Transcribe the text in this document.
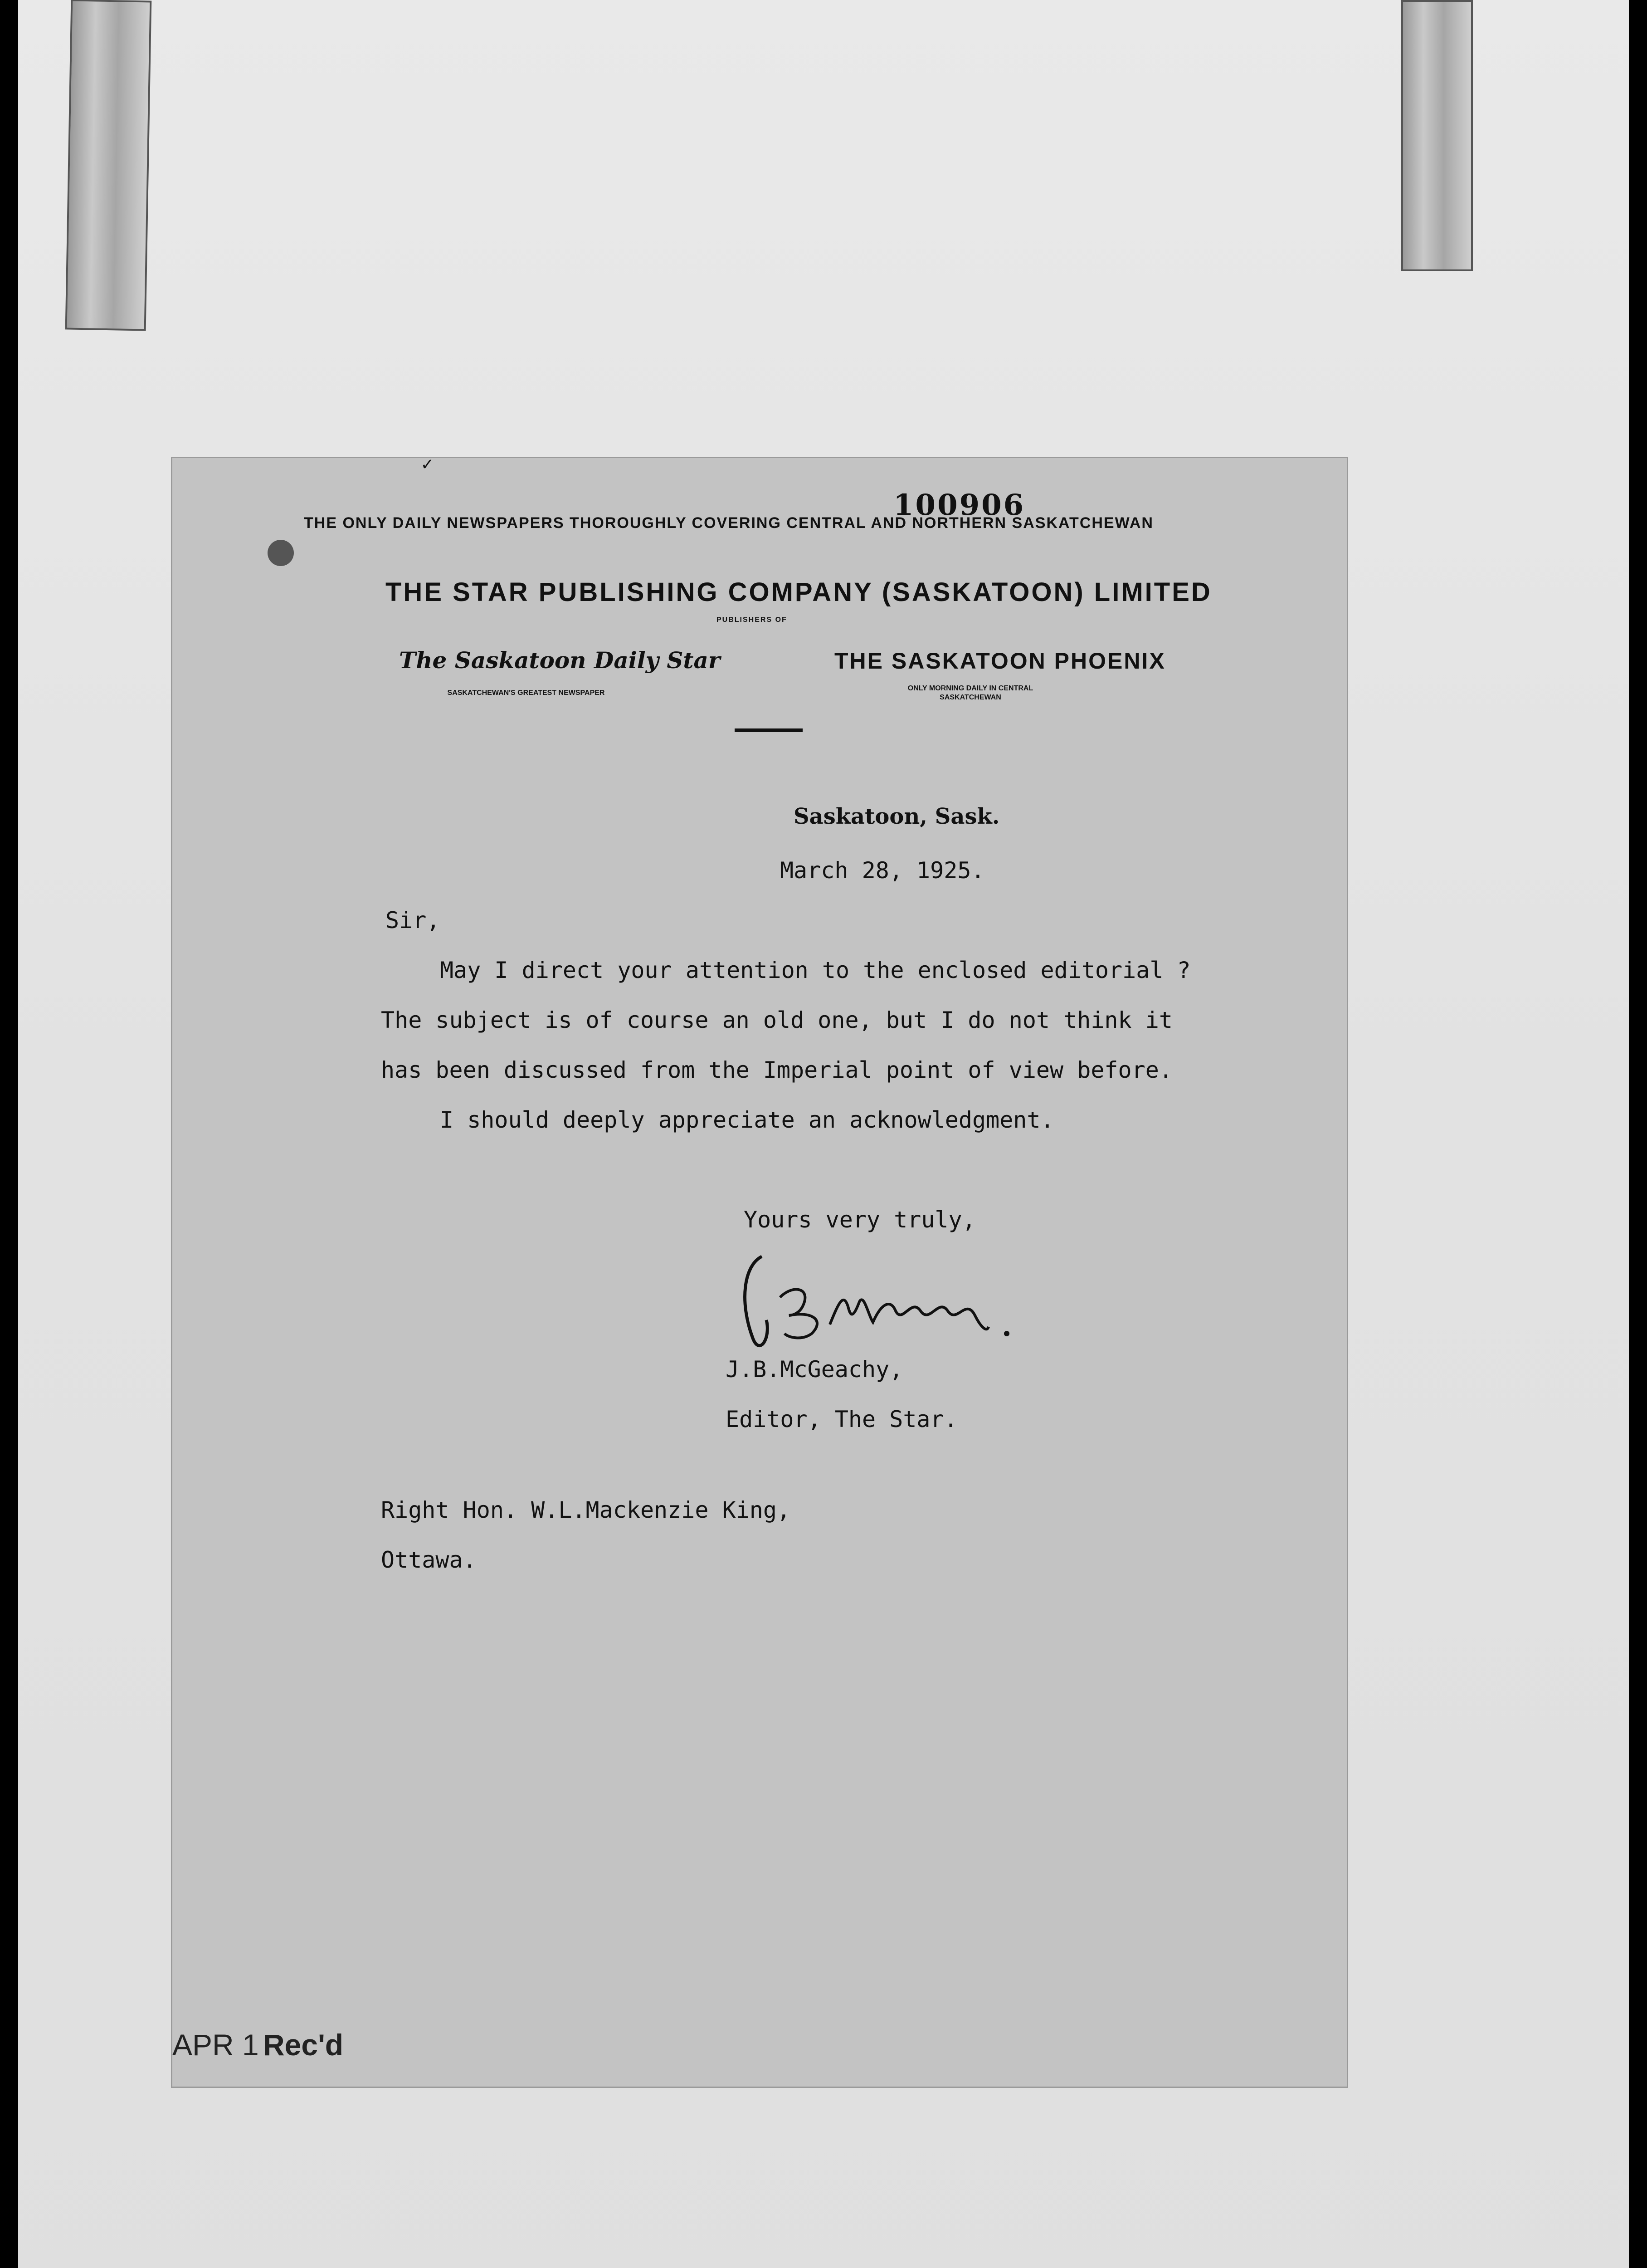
✓
100906
THE ONLY DAILY NEWSPAPERS THOROUGHLY COVERING CENTRAL AND NORTHERN SASKATCHEWAN
THE STAR PUBLISHING COMPANY (SASKATOON) LIMITED
PUBLISHERS OF
The Saskatoon Daily Star
SASKATCHEWAN'S GREATEST NEWSPAPER
THE SASKATOON PHOENIX
ONLY MORNING DAILY IN CENTRAL SASKATCHEWAN
Saskatoon, Sask.
March 28, 1925.
Sir,
May I direct your attention to the enclosed editorial ?
The subject is of course an old one, but I do not think it
has been discussed from the Imperial point of view before.
I should deeply appreciate an acknowledgment.
Yours very truly,
J.B.McGeachy,
Editor, The Star.
Right Hon. W.L.Mackenzie King,
Ottawa.
APR 1 Rec'd
